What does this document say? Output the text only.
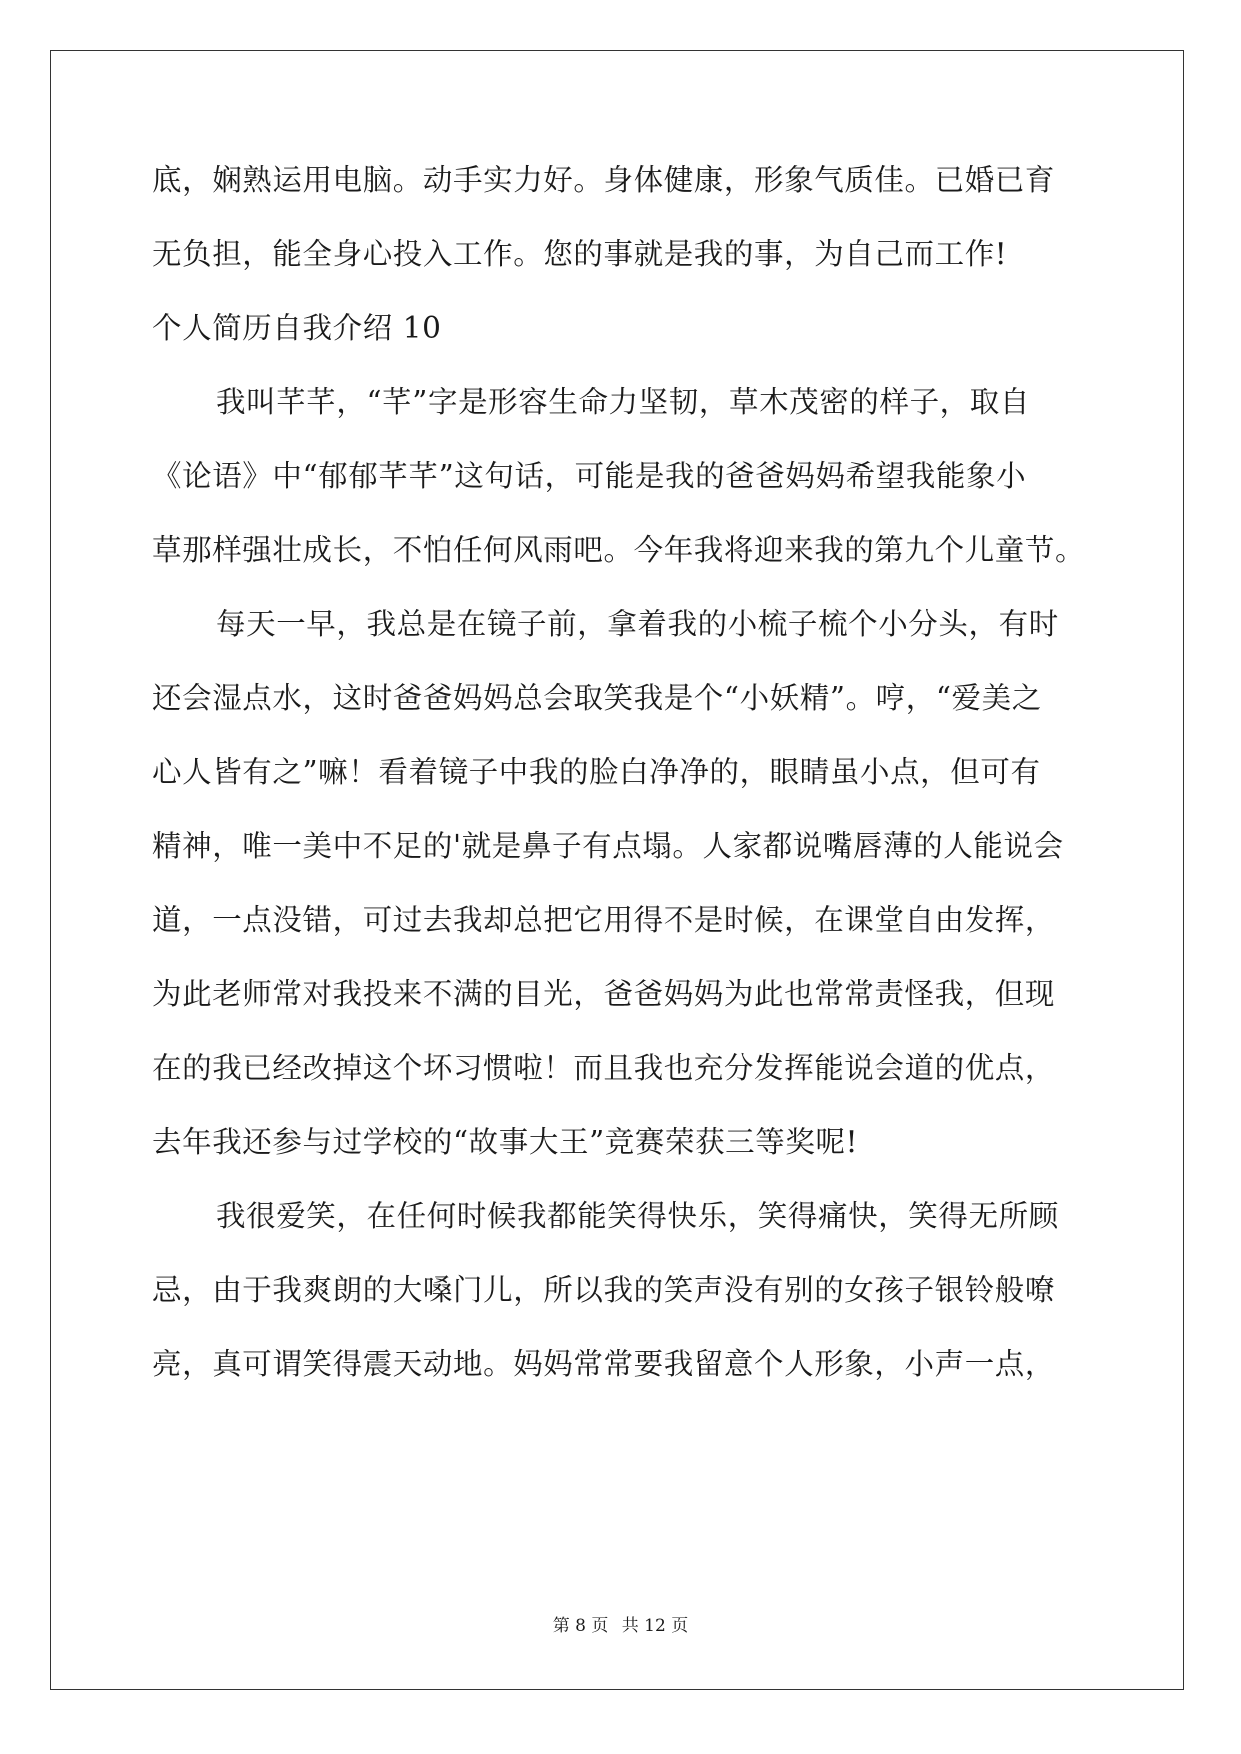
底，娴熟运用电脑。动手实力好。身体健康，形象气质佳。已婚已育
无负担，能全身心投入工作。您的事就是我的事，为自己而工作!
个人简历自我介绍 10
我叫芊芊，“芊”字是形容生命力坚韧，草木茂密的样子，取自
《论语》中“郁郁芊芊”这句话，可能是我的爸爸妈妈希望我能象小
草那样强壮成长，不怕任何风雨吧。今年我将迎来我的第九个儿童节。
每天一早，我总是在镜子前，拿着我的小梳子梳个小分头，有时
还会湿点水，这时爸爸妈妈总会取笑我是个“小妖精”。哼，“爱美之
心人皆有之”嘛！看着镜子中我的脸白净净的，眼睛虽小点，但可有
精神，唯一美中不足的'就是鼻子有点塌。人家都说嘴唇薄的人能说会
道，一点没错，可过去我却总把它用得不是时候，在课堂自由发挥，
为此老师常对我投来不满的目光，爸爸妈妈为此也常常责怪我，但现
在的我已经改掉这个坏习惯啦！而且我也充分发挥能说会道的优点，
去年我还参与过学校的“故事大王”竞赛荣获三等奖呢!
我很爱笑，在任何时候我都能笑得快乐，笑得痛快，笑得无所顾
忌，由于我爽朗的大嗓门儿，所以我的笑声没有别的女孩子银铃般嘹
亮，真可谓笑得震天动地。妈妈常常要我留意个人形象，小声一点，
第 8 页 共 12 页
